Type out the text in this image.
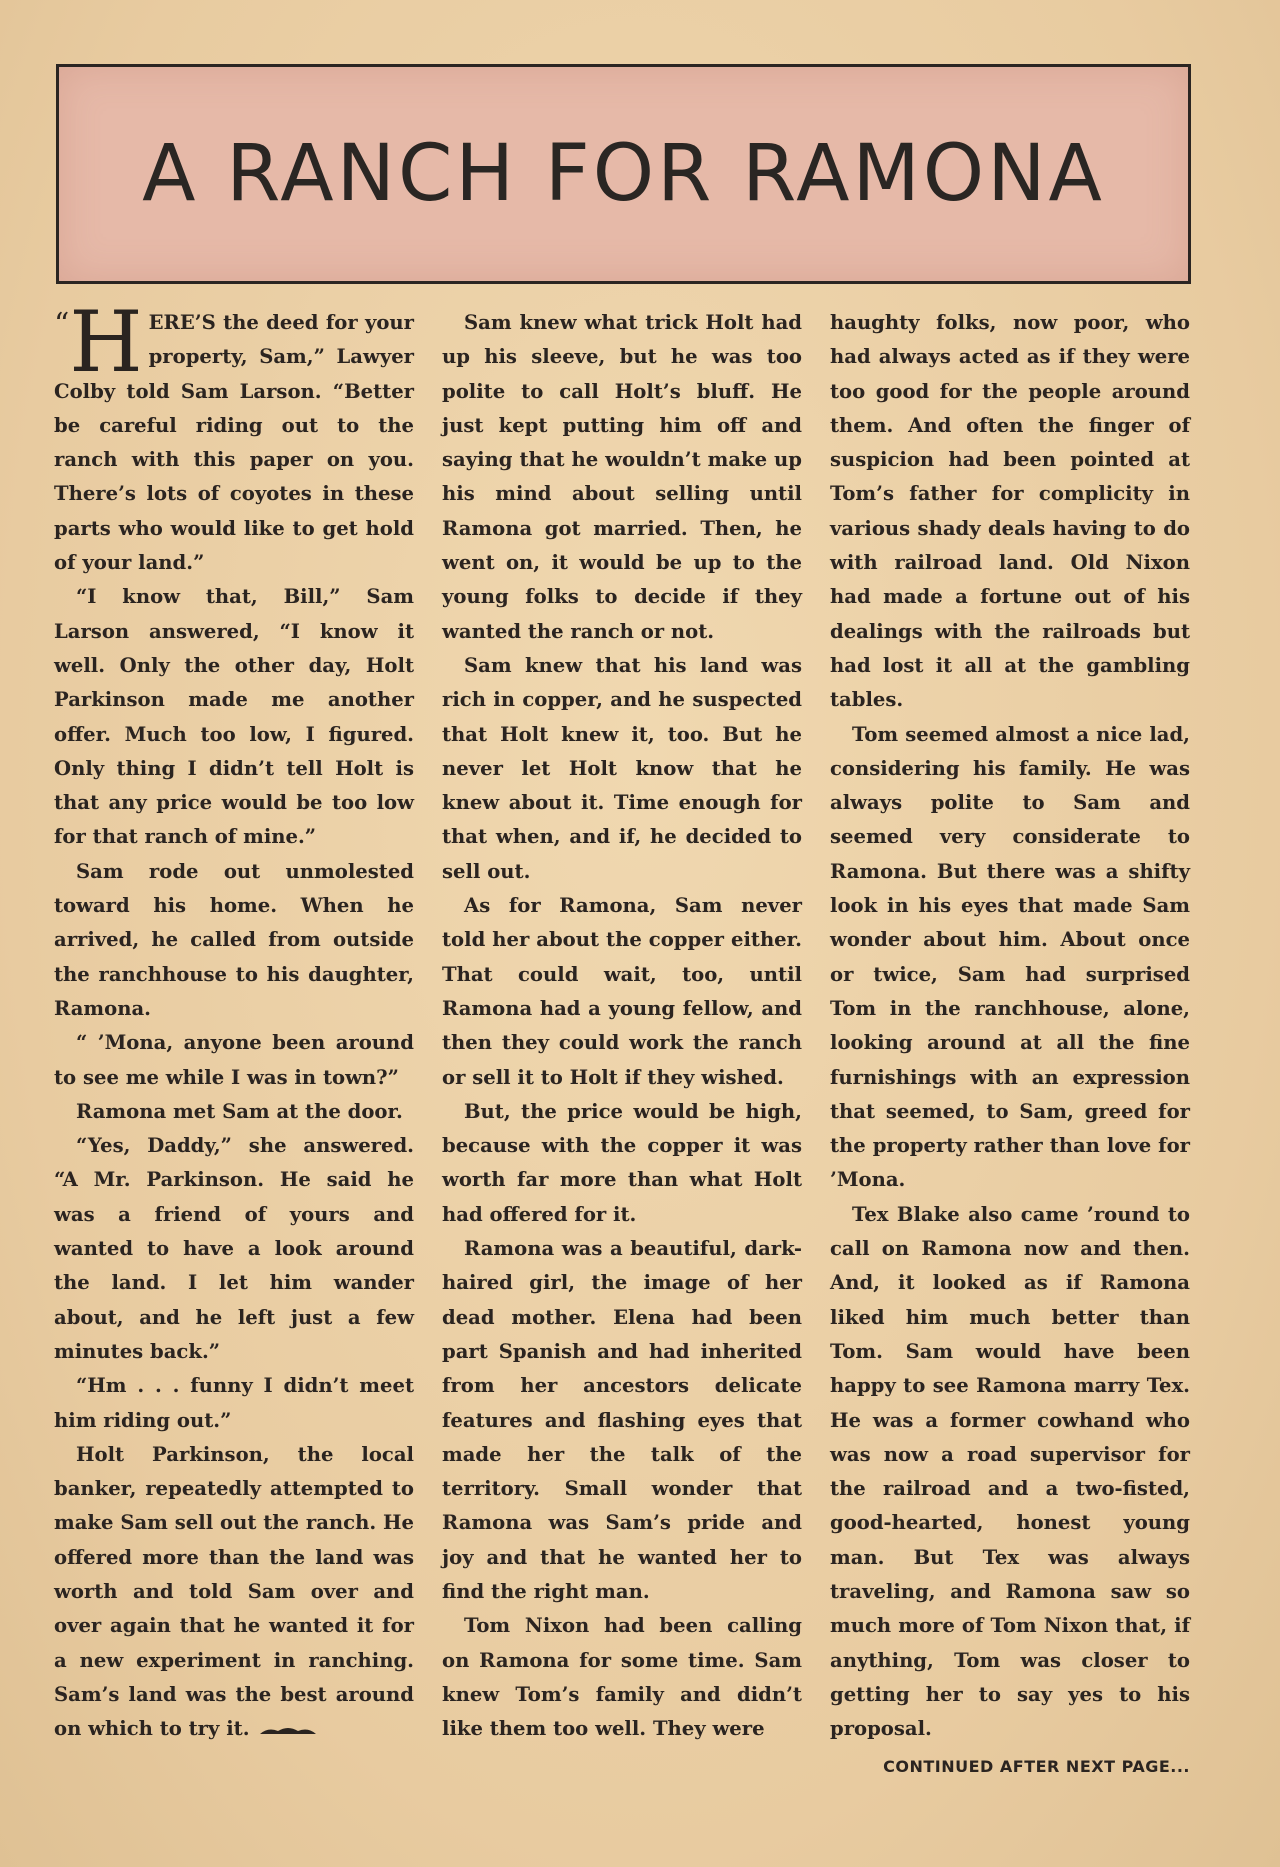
A RANCH FOR RAMONA

“H ERE’S the deed for your property, Sam,” Lawyer Colby told Sam Larson. “Better be careful riding out to the ranch with this paper on you. There’s lots of coyotes in these parts who would like to get hold of your land.”

“I know that, Bill,” Sam Larson answered, “I know it well. Only the other day, Holt Parkinson made me another offer. Much too low, I figured. Only thing I didn’t tell Holt is that any price would be too low for that ranch of mine.”

Sam rode out unmolested toward his home. When he arrived, he called from outside the ranchhouse to his daughter, Ramona.

“ ’Mona, anyone been around to see me while I was in town?”

Ramona met Sam at the door.

“Yes, Daddy,” she answered. “A Mr. Parkinson. He said he was a friend of yours and wanted to have a look around the land. I let him wander about, and he left just a few minutes back.”

“Hm . . . funny I didn’t meet him riding out.”

Holt Parkinson, the local banker, repeatedly attempted to make Sam sell out the ranch. He offered more than the land was worth and told Sam over and over again that he wanted it for a new experiment in ranching. Sam’s land was the best around on which to try it.

Sam knew what trick Holt had up his sleeve, but he was too polite to call Holt’s bluff. He just kept putting him off and saying that he wouldn’t make up his mind about selling until Ramona got married. Then, he went on, it would be up to the young folks to decide if they wanted the ranch or not.

Sam knew that his land was rich in copper, and he suspected that Holt knew it, too. But he never let Holt know that he knew about it. Time enough for that when, and if, he decided to sell out.

As for Ramona, Sam never told her about the copper either. That could wait, too, until Ramona had a young fellow, and then they could work the ranch or sell it to Holt if they wished.

But, the price would be high, because with the copper it was worth far more than what Holt had offered for it.

Ramona was a beautiful, dark-haired girl, the image of her dead mother. Elena had been part Spanish and had inherited from her ancestors delicate features and flashing eyes that made her the talk of the territory. Small wonder that Ramona was Sam’s pride and joy and that he wanted her to find the right man.

Tom Nixon had been calling on Ramona for some time. Sam knew Tom’s family and didn’t like them too well. They were

haughty folks, now poor, who had always acted as if they were too good for the people around them. And often the finger of suspicion had been pointed at Tom’s father for complicity in various shady deals having to do with railroad land. Old Nixon had made a fortune out of his dealings with the railroads but had lost it all at the gambling tables.

Tom seemed almost a nice lad, considering his family. He was always polite to Sam and seemed very considerate to Ramona. But there was a shifty look in his eyes that made Sam wonder about him. About once or twice, Sam had surprised Tom in the ranchhouse, alone, looking around at all the fine furnishings with an expression that seemed, to Sam, greed for the property rather than love for ’Mona.

Tex Blake also came ’round to call on Ramona now and then. And, it looked as if Ramona liked him much better than Tom. Sam would have been happy to see Ramona marry Tex. He was a former cowhand who was now a road supervisor for the railroad and a two-fisted, good-hearted, honest young man. But Tex was always traveling, and Ramona saw so much more of Tom Nixon that, if anything, Tom was closer to getting her to say yes to his proposal.

CONTINUED AFTER NEXT PAGE...
